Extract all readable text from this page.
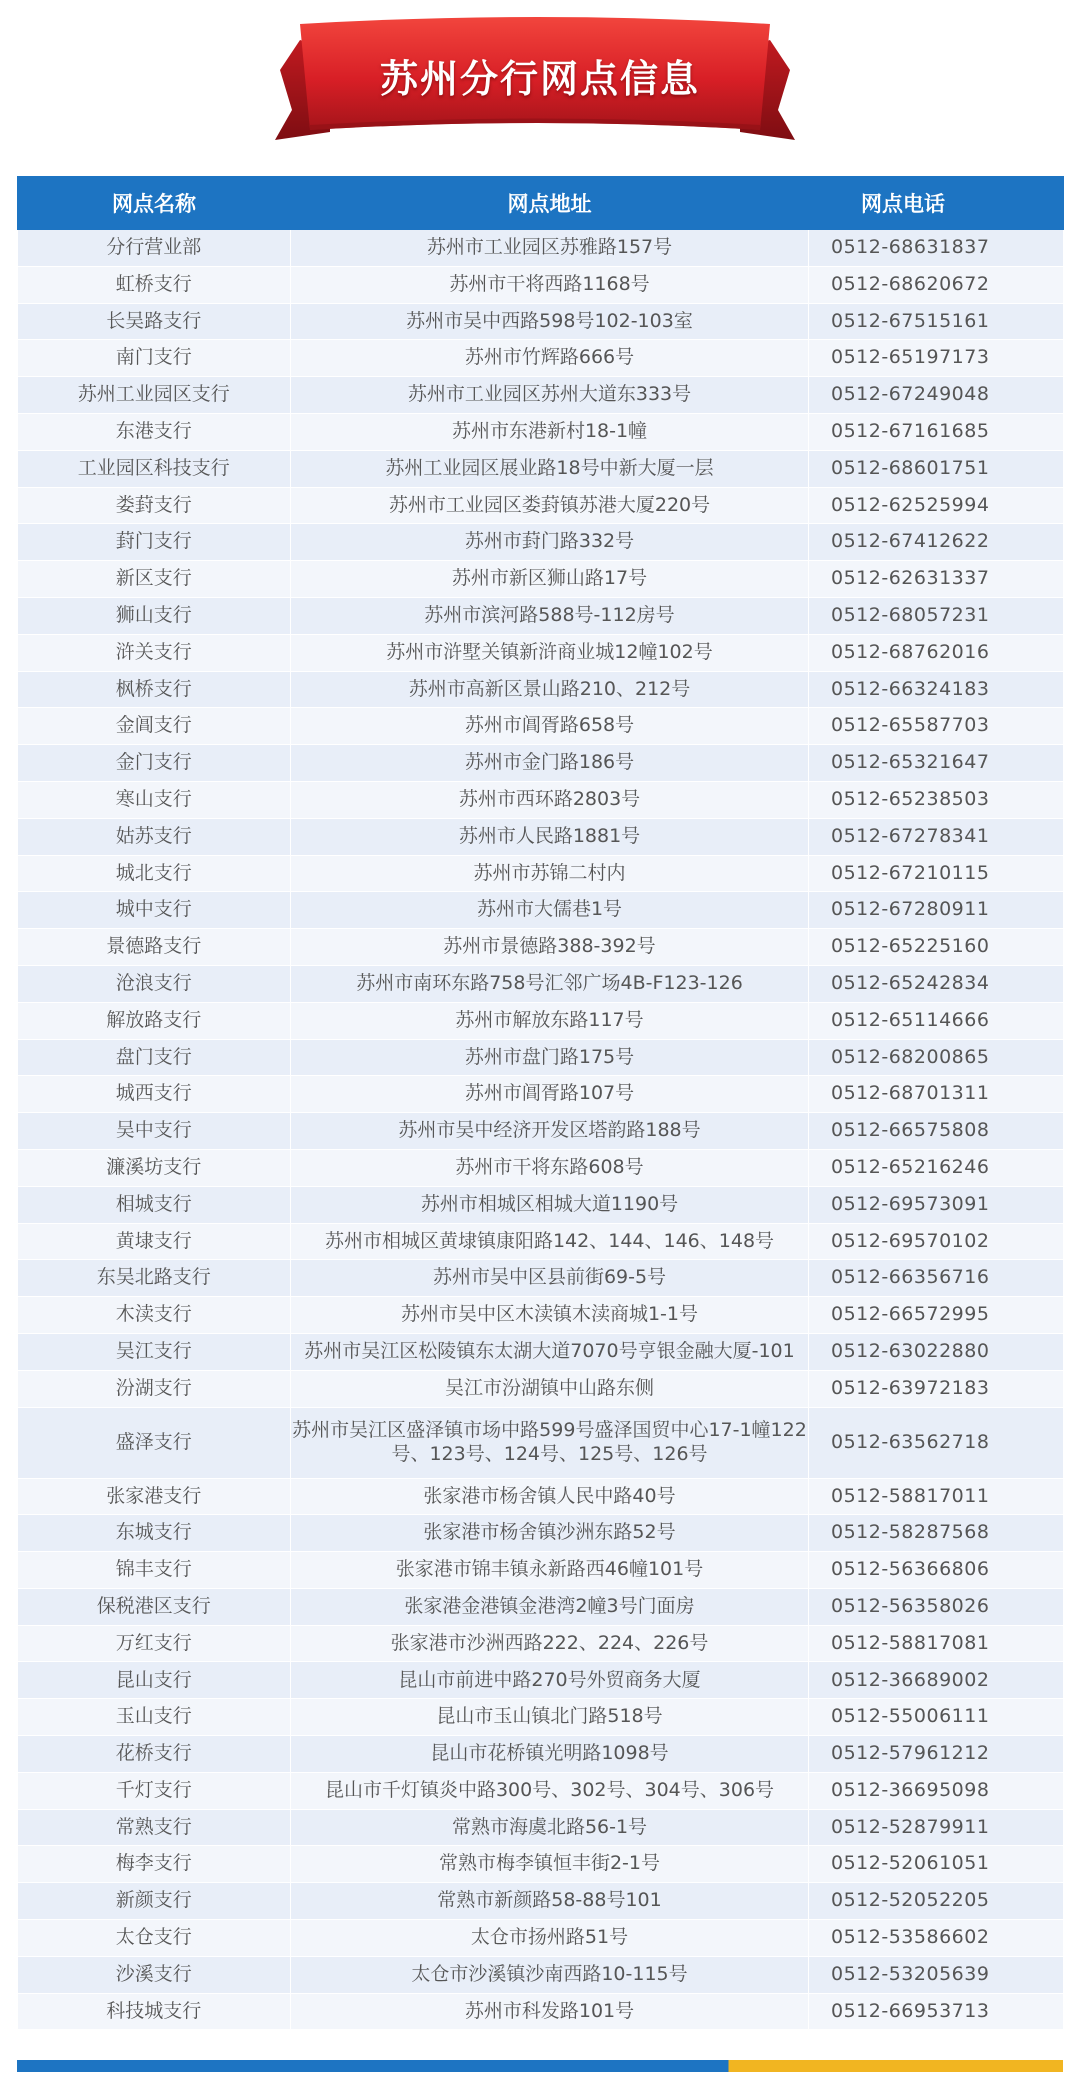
苏州分行网点信息
网点名称	网点地址	网点电话
分行营业部	苏州市工业园区苏雅路157号	0512-68631837
虹桥支行	苏州市干将西路1168号	0512-68620672
长吴路支行	苏州市吴中西路598号102-103室	0512-67515161
南门支行	苏州市竹辉路666号	0512-65197173
苏州工业园区支行	苏州市工业园区苏州大道东333号	0512-67249048
东港支行	苏州市东港新村18-1幢	0512-67161685
工业园区科技支行	苏州工业园区展业路18号中新大厦一层	0512-68601751
娄葑支行	苏州市工业园区娄葑镇苏港大厦220号	0512-62525994
葑门支行	苏州市葑门路332号	0512-67412622
新区支行	苏州市新区狮山路17号	0512-62631337
狮山支行	苏州市滨河路588号-112房号	0512-68057231
浒关支行	苏州市浒墅关镇新浒商业城12幢102号	0512-68762016
枫桥支行	苏州市高新区景山路210、212号	0512-66324183
金阊支行	苏州市阊胥路658号	0512-65587703
金门支行	苏州市金门路186号	0512-65321647
寒山支行	苏州市西环路2803号	0512-65238503
姑苏支行	苏州市人民路1881号	0512-67278341
城北支行	苏州市苏锦二村内	0512-67210115
城中支行	苏州市大儒巷1号	0512-67280911
景德路支行	苏州市景德路388-392号	0512-65225160
沧浪支行	苏州市南环东路758号汇邻广场4B-F123-126	0512-65242834
解放路支行	苏州市解放东路117号	0512-65114666
盘门支行	苏州市盘门路175号	0512-68200865
城西支行	苏州市阊胥路107号	0512-68701311
吴中支行	苏州市吴中经济开发区塔韵路188号	0512-66575808
濂溪坊支行	苏州市干将东路608号	0512-65216246
相城支行	苏州市相城区相城大道1190号	0512-69573091
黄埭支行	苏州市相城区黄埭镇康阳路142、144、146、148号	0512-69570102
东吴北路支行	苏州市吴中区县前街69-5号	0512-66356716
木渎支行	苏州市吴中区木渎镇木渎商城1-1号	0512-66572995
吴江支行	苏州市吴江区松陵镇东太湖大道7070号亨银金融大厦-101	0512-63022880
汾湖支行	吴江市汾湖镇中山路东侧	0512-63972183
盛泽支行	苏州市吴江区盛泽镇市场中路599号盛泽国贸中心17-1幢122号、123号、124号、125号、126号	0512-63562718
张家港支行	张家港市杨舍镇人民中路40号	0512-58817011
东城支行	张家港市杨舍镇沙洲东路52号	0512-58287568
锦丰支行	张家港市锦丰镇永新路西46幢101号	0512-56366806
保税港区支行	张家港金港镇金港湾2幢3号门面房	0512-56358026
万红支行	张家港市沙洲西路222、224、226号	0512-58817081
昆山支行	昆山市前进中路270号外贸商务大厦	0512-36689002
玉山支行	昆山市玉山镇北门路518号	0512-55006111
花桥支行	昆山市花桥镇光明路1098号	0512-57961212
千灯支行	昆山市千灯镇炎中路300号、302号、304号、306号	0512-36695098
常熟支行	常熟市海虞北路56-1号	0512-52879911
梅李支行	常熟市梅李镇恒丰街2-1号	0512-52061051
新颜支行	常熟市新颜路58-88号101	0512-52052205
太仓支行	太仓市扬州路51号	0512-53586602
沙溪支行	太仓市沙溪镇沙南西路10-115号	0512-53205639
科技城支行	苏州市科发路101号	0512-66953713
